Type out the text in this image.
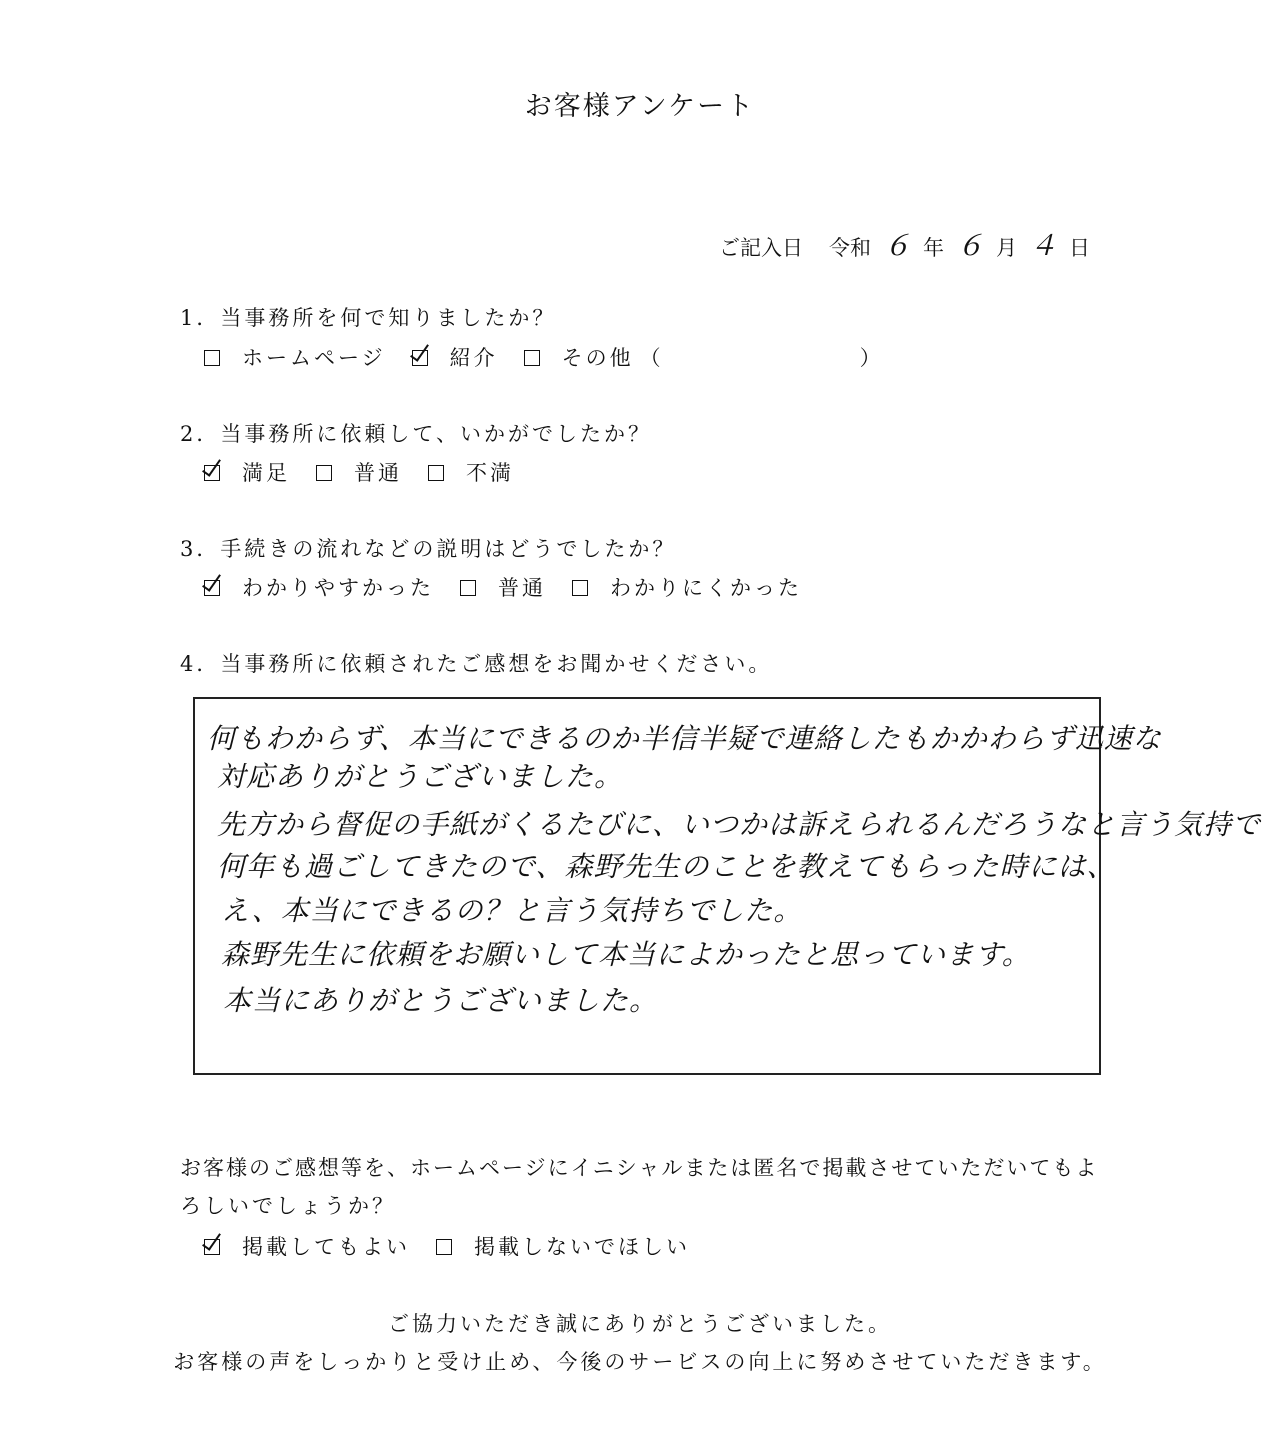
お客様アンケート
ご記入日 令和 ６ 年 ６ 月 ４ 日
1．当事務所を何で知りましたか？
ホームページ	紹介	その他 （	）
2．当事務所に依頼して、いかがでしたか？
満足	普通	不満
3．手続きの流れなどの説明はどうでしたか？
わかりやすかった	普通	わかりにくかった
4．当事務所に依頼されたご感想をお聞かせください。
何もわからず、本当にできるのか半信半疑で連絡したもかかわらず迅速な
対応ありがとうございました。
先方から督促の手紙がくるたびに、いつかは訴えられるんだろうなと言う気持で
何年も過ごしてきたので、森野先生のことを教えてもらった時には、
え、本当にできるの？と言う気持ちでした。
森野先生に依頼をお願いして本当によかったと思っています。
本当にありがとうございました。
お客様のご感想等を、ホームページにイニシャルまたは匿名で掲載させていただいてもよ
ろしいでしょうか？
掲載してもよい	掲載しないでほしい
ご協力いただき誠にありがとうございました。
お客様の声をしっかりと受け止め、今後のサービスの向上に努めさせていただきます。
